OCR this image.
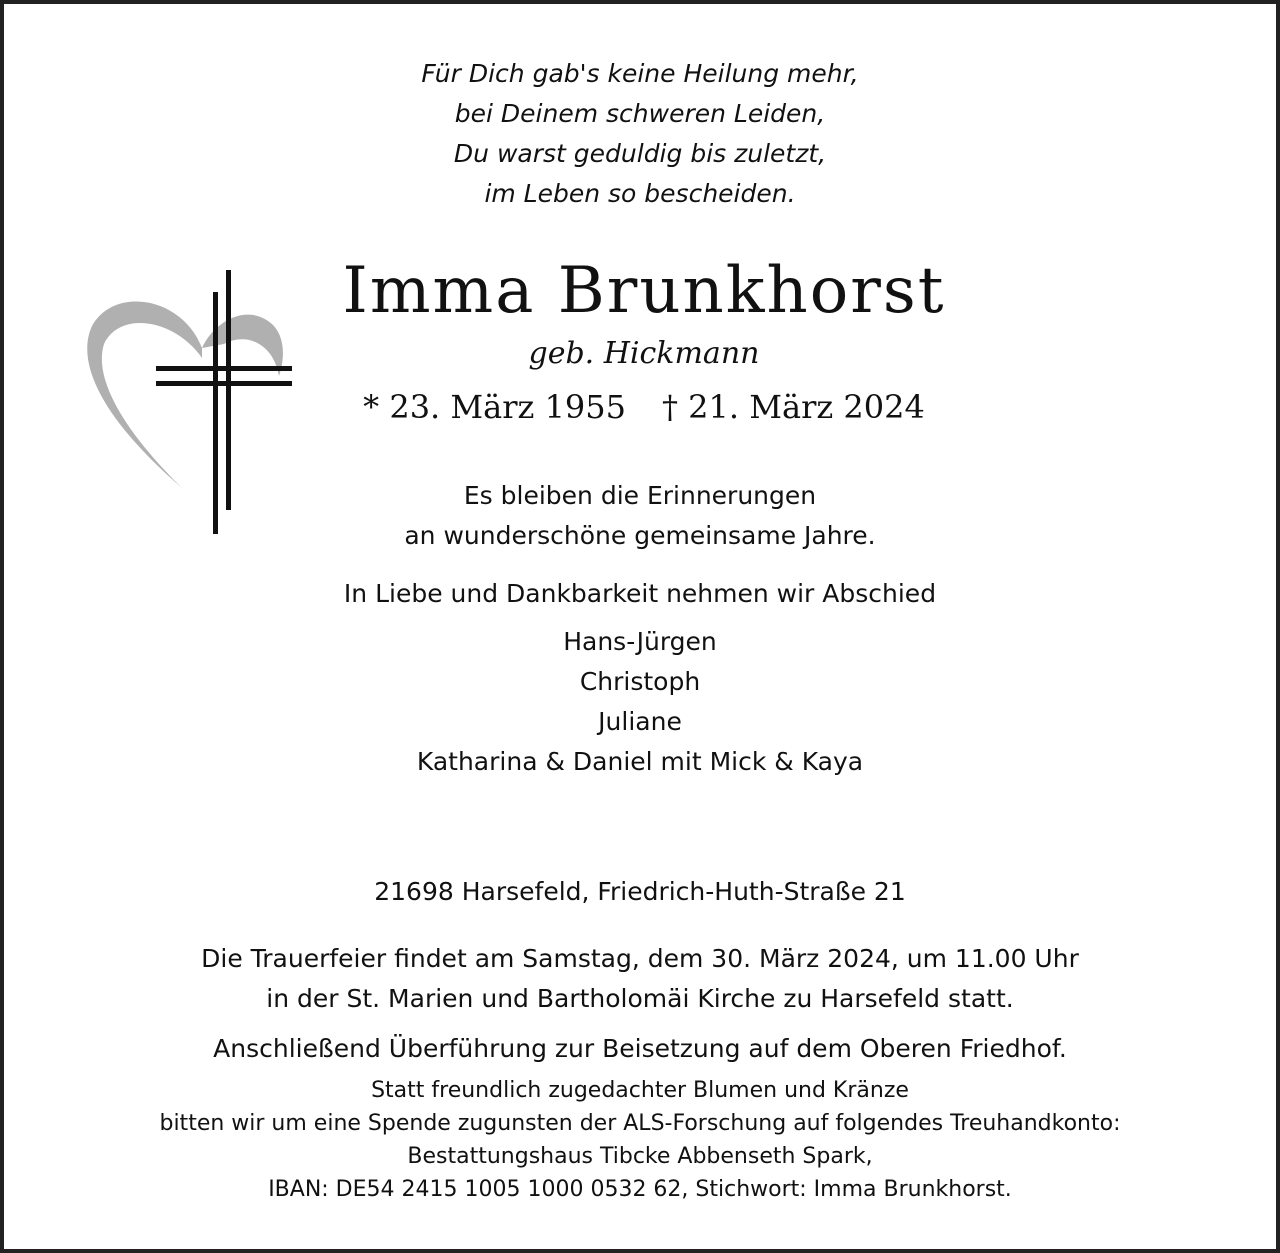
Für Dich gab's keine Heilung mehr,
bei Deinem schweren Leiden,
Du warst geduldig bis zuletzt,
im Leben so bescheiden.
Imma Brunkhorst
geb. Hickmann
* 23. März 1955 † 21. März 2024
Es bleiben die Erinnerungen
an wunderschöne gemeinsame Jahre.
In Liebe und Dankbarkeit nehmen wir Abschied
Hans-Jürgen
Christoph
Juliane
Katharina & Daniel mit Mick & Kaya
21698 Harsefeld, Friedrich-Huth-Straße 21
Die Trauerfeier findet am Samstag, dem 30. März 2024, um 11.00 Uhr
in der St. Marien und Bartholomäi Kirche zu Harsefeld statt.
Anschließend Überführung zur Beisetzung auf dem Oberen Friedhof.
Statt freundlich zugedachter Blumen und Kränze
bitten wir um eine Spende zugunsten der ALS-Forschung auf folgendes Treuhandkonto:
Bestattungshaus Tibcke Abbenseth Spark,
IBAN: DE54 2415 1005 1000 0532 62, Stichwort: Imma Brunkhorst.
